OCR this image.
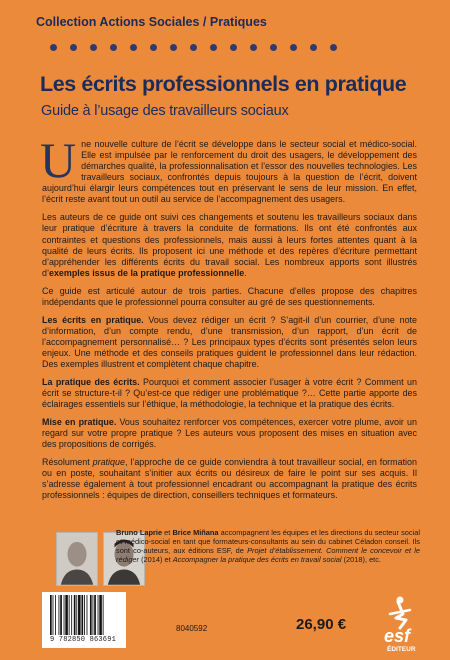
Collection Actions Sociales / Pratiques
Les écrits professionnels en pratique
Guide à l’usage des travailleurs sociaux

Une nouvelle culture de l’écrit se développe dans le secteur social et médico-social. Elle est impulsée par le renforcement du droit des usagers, le développement des démarches qualité, la professionnalisation et l’essor des nouvelles technologies. Les travailleurs sociaux, confrontés depuis toujours à la question de l’écrit, doivent aujourd’hui élargir leurs compétences tout en préservant le sens de leur mission. En effet, l’écrit reste avant tout un outil au service de l’accompagnement des usagers.

Les auteurs de ce guide ont suivi ces changements et soutenu les travailleurs sociaux dans leur pratique d’écriture à travers la conduite de formations. Ils ont été confrontés aux contraintes et questions des professionnels, mais aussi à leurs fortes attentes quant à la qualité de leurs écrits. Ils proposent ici une méthode et des repères d’écriture permettant d’appréhender les différents écrits du travail social. Les nombreux apports sont illustrés d’exemples issus de la pratique professionnelle.

Ce guide est articulé autour de trois parties. Chacune d’elles propose des chapitres indépendants que le professionnel pourra consulter au gré de ses questionnements.

Les écrits en pratique. Vous devez rédiger un écrit ? S’agit-il d’un courrier, d’une note d’information, d’un compte rendu, d’une transmission, d’un rapport, d’un écrit de l’accompagnement personnalisé… ? Les principaux types d’écrits sont présentés selon leurs enjeux. Une méthode et des conseils pratiques guident le professionnel dans leur rédaction. Des exemples illustrent et complètent chaque chapitre.

La pratique des écrits. Pourquoi et comment associer l’usager à votre écrit ? Comment un écrit se structure-t-il ? Qu’est-ce que rédiger une problématique ?… Cette partie apporte des éclairages essentiels sur l’éthique, la méthodologie, la technique et la pratique des écrits.

Mise en pratique. Vous souhaitez renforcer vos compétences, exercer votre plume, avoir un regard sur votre propre pratique ? Les auteurs vous proposent des mises en situation avec des propositions de corrigés.

Résolument pratique, l’approche de ce guide conviendra à tout travailleur social, en formation ou en poste, souhaitant s’initier aux écrits ou désireux de faire le point sur ses acquis. Il s’adresse également à tout professionnel encadrant ou accompagnant la pratique des écrits professionnels : équipes de direction, conseillers techniques et formateurs.

Bruno Laprie et Brice Miñana accompagnent les équipes et les directions du secteur social et médico-social en tant que formateurs-consultants au sein du cabinet Céladon conseil. Ils sont co-auteurs, aux éditions ESF, de Projet d’établissement. Comment le concevoir et le rédiger (2014) et Accompagner la pratique des écrits en travail social (2018), etc.
9 782850 863691
8040592	26,90 €
esf
ÉDITEUR
